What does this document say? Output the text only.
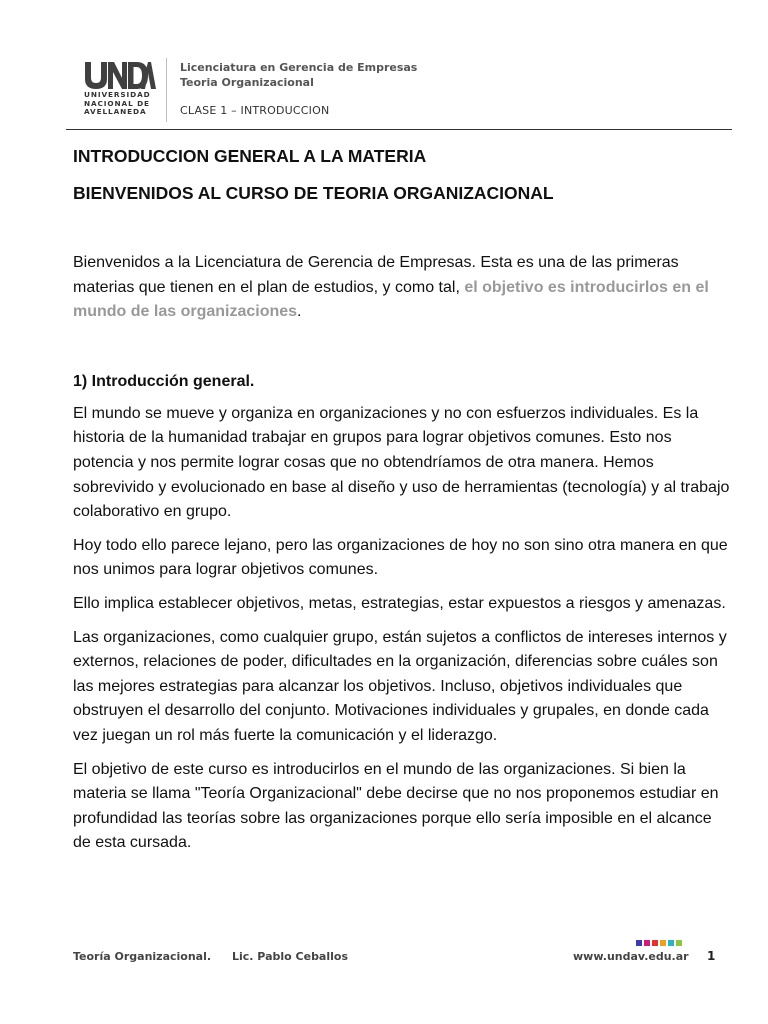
UNIVERSIDAD
NACIONAL DE
AVELLANEDA
Licenciatura en Gerencia de Empresas
Teoria Organizacional
CLASE 1 – INTRODUCCION
INTRODUCCION GENERAL A LA MATERIA
BIENVENIDOS AL CURSO DE TEORIA ORGANIZACIONAL

Bienvenidos a la Licenciatura de Gerencia de Empresas. Esta es una de las primeras materias que tienen en el plan de estudios, y como tal, el objetivo es introducirlos en el mundo de las organizaciones.

1) Introducción general.

El mundo se mueve y organiza en organizaciones y no con esfuerzos individuales. Es la historia de la humanidad trabajar en grupos para lograr objetivos comunes. Esto nos potencia y nos permite lograr cosas que no obtendríamos de otra manera. Hemos sobrevivido y evolucionado en base al diseño y uso de herramientas (tecnología) y al trabajo colaborativo en grupo.

Hoy todo ello parece lejano, pero las organizaciones de hoy no son sino otra manera en que nos unimos para lograr objetivos comunes.

Ello implica establecer objetivos, metas, estrategias, estar expuestos a riesgos y amenazas.

Las organizaciones, como cualquier grupo, están sujetos a conflictos de intereses internos y externos, relaciones de poder, dificultades en la organización, diferencias sobre cuáles son las mejores estrategias para alcanzar los objetivos. Incluso, objetivos individuales que obstruyen el desarrollo del conjunto. Motivaciones individuales y grupales, en donde cada vez juegan un rol más fuerte la comunicación y el liderazgo.

El objetivo de este curso es introducirlos en el mundo de las organizaciones. Si bien la materia se llama "Teoría Organizacional" debe decirse que no nos proponemos estudiar en profundidad las teorías sobre las organizaciones porque ello sería imposible en el alcance de esta cursada.

Teoría Organizacional. Lic. Pablo Ceballos	www.undav.edu.ar 1
